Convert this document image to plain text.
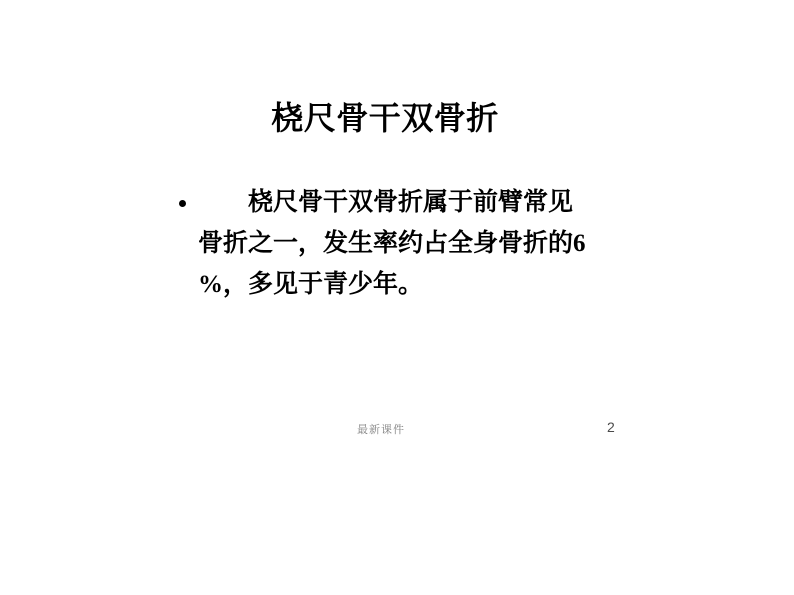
桡尺骨干双骨折
桡尺骨干双骨折属于前臂常见
骨折之一，发生率约占全身骨折的6
%，多见于青少年。
最新课件	2
